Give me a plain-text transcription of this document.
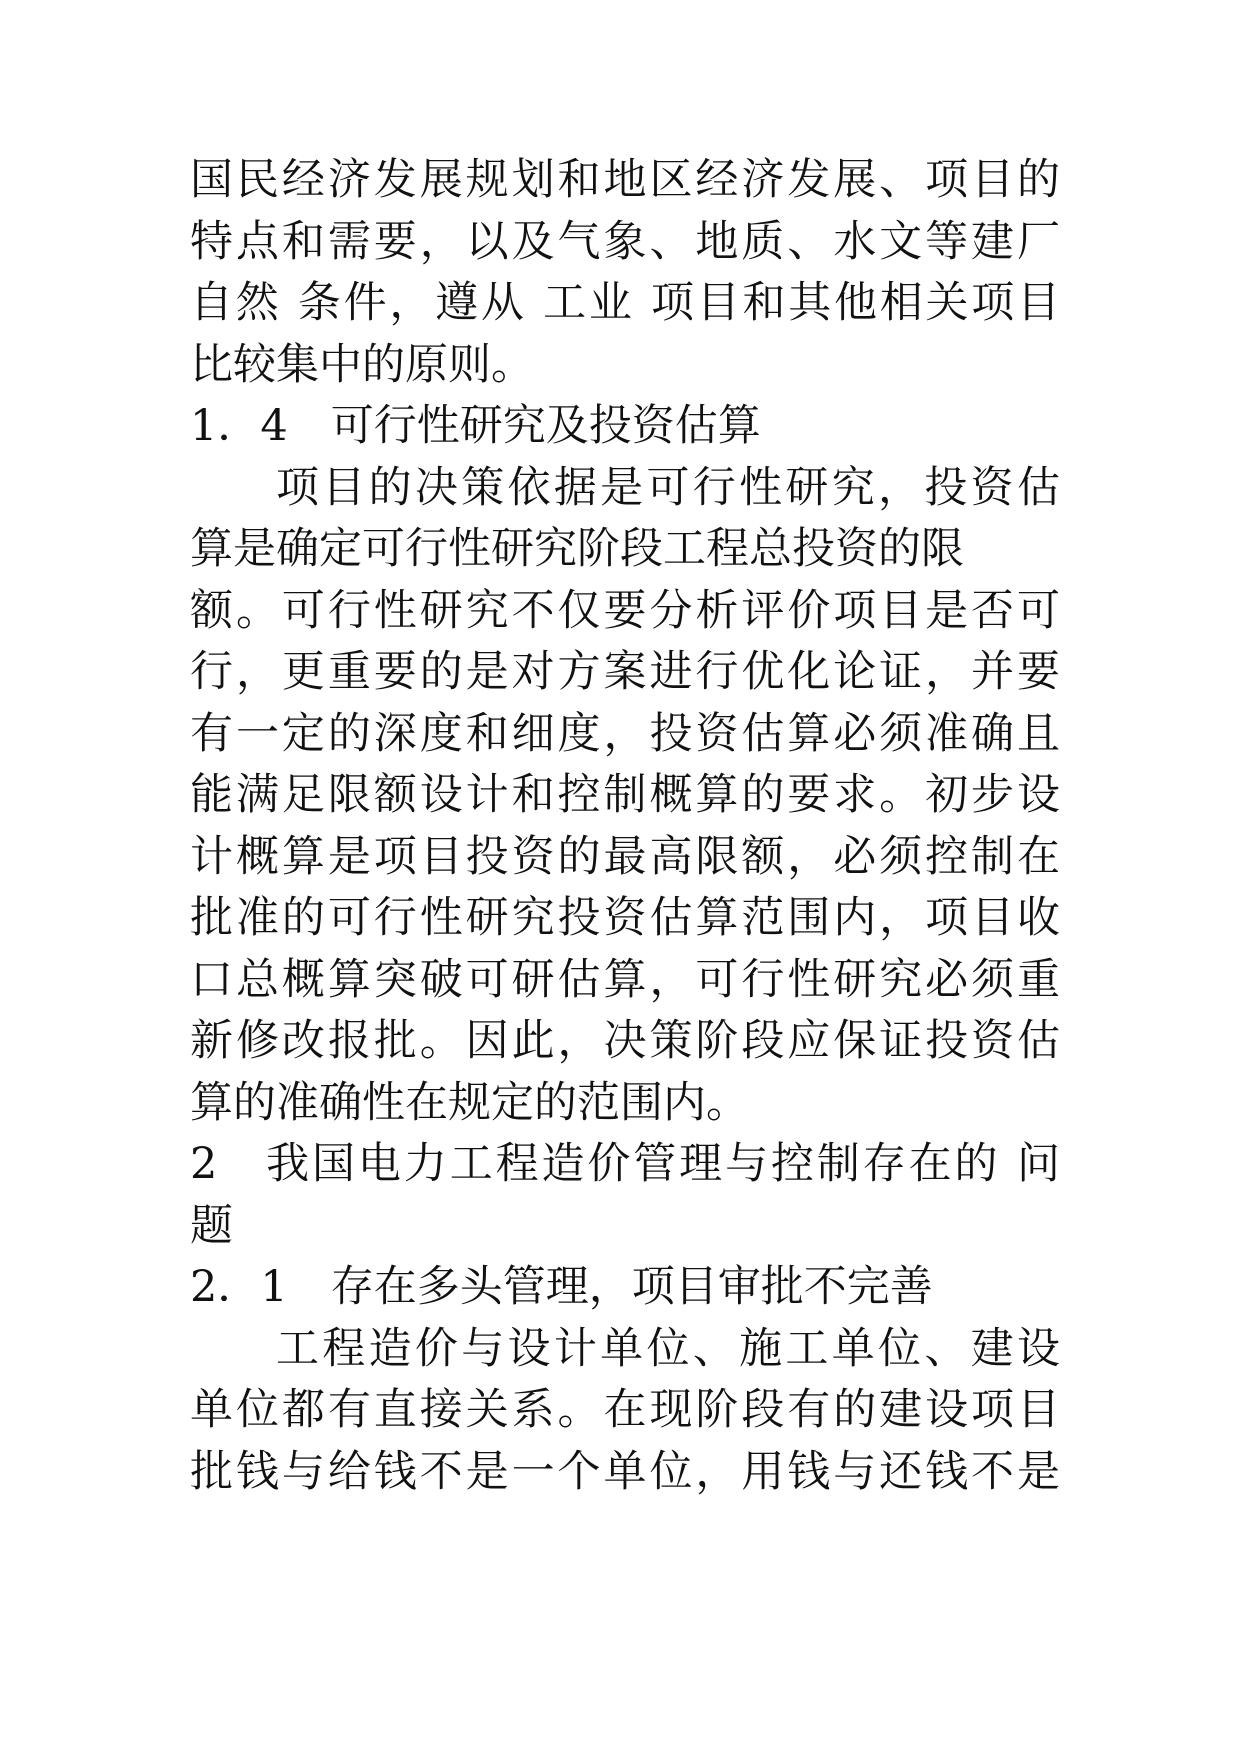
国民经济发展规划和地区经济发展、项目的
特点和需要，以及气象、地质、水文等建厂
自然 条件，遵从 工业 项目和其他相关项目
比较集中的原则。
1．4　可行性研究及投资估算
项目的决策依据是可行性研究，投资估
算是确定可行性研究阶段工程总投资的限
额。可行性研究不仅要分析评价项目是否可
行，更重要的是对方案进行优化论证，并要
有一定的深度和细度，投资估算必须准确且
能满足限额设计和控制概算的要求。初步设
计概算是项目投资的最高限额，必须控制在
批准的可行性研究投资估算范围内，项目收
口总概算突破可研估算，可行性研究必须重
新修改报批。因此，决策阶段应保证投资估
算的准确性在规定的范围内。
2　我国电力工程造价管理与控制存在的 问
题
2．1　存在多头管理，项目审批不完善
工程造价与设计单位、施工单位、建设
单位都有直接关系。在现阶段有的建设项目
批钱与给钱不是一个单位，用钱与还钱不是
